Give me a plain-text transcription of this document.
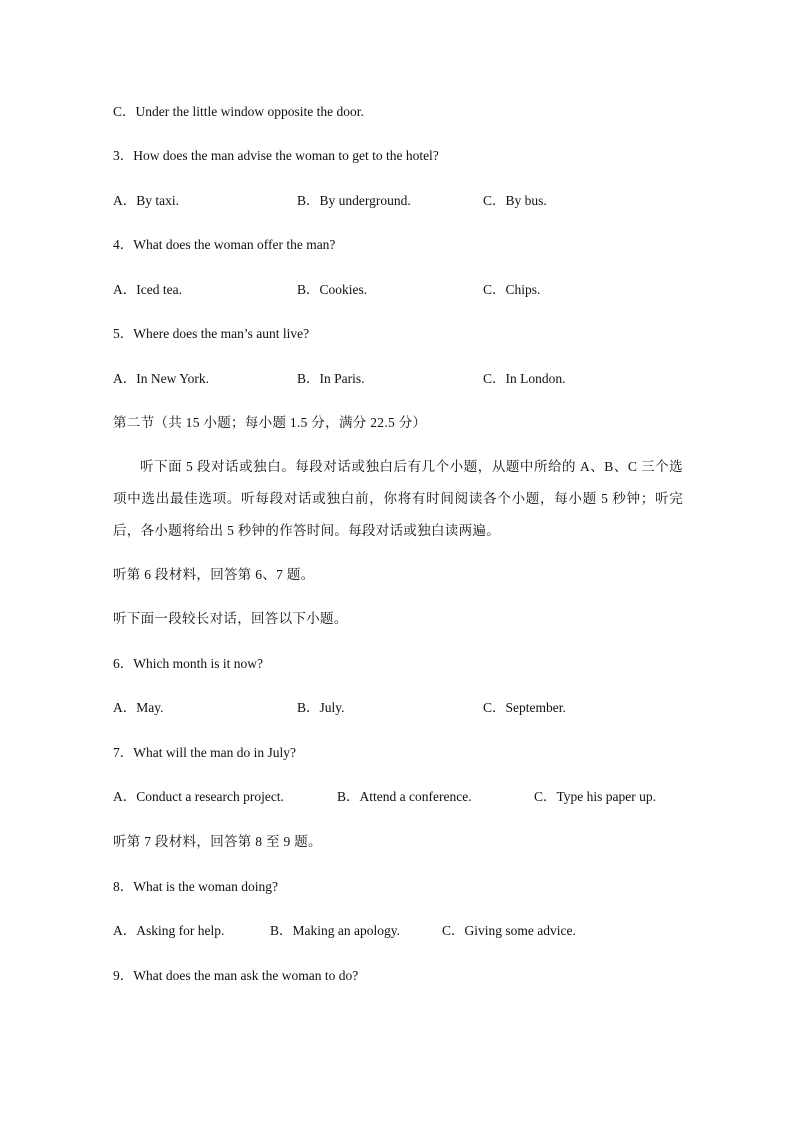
C．Under the little window opposite the door.
3．How does the man advise the woman to get to the hotel?
A．By taxi.	B．By underground.	C．By bus.
4．What does the woman offer the man?
A．Iced tea.	B．Cookies.	C．Chips.
5．Where does the man’s aunt live?
A．In New York.	B．In Paris.	C．In London.
第二节（共 15 小题；每小题 1.5 分，满分 22.5 分）
听下面 5 段对话或独白。每段对话或独白后有几个小题，从题中所给的 A、B、C 三个选项中选出最佳选项。听每段对话或独白前，你将有时间阅读各个小题，每小题 5 秒钟；听完后，各小题将给出 5 秒钟的作答时间。每段对话或独白读两遍。
听第 6 段材料，回答第 6、7 题。
听下面一段较长对话，回答以下小题。
6．Which month is it now?
A．May.	B．July.	C．September.
7．What will the man do in July?
A．Conduct a research project.	B．Attend a conference.	C．Type his paper up.
听第 7 段材料，回答第 8 至 9 题。
8．What is the woman doing?
A．Asking for help.	B．Making an apology.	C．Giving some advice.
9．What does the man ask the woman to do?
